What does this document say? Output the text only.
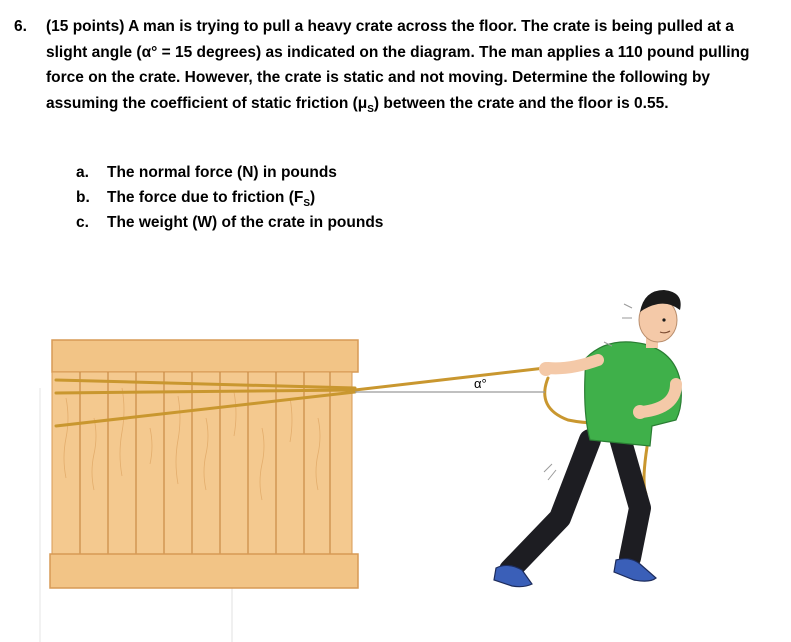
6.	(15 points) A man is trying to pull a heavy crate across the floor. The crate is being pulled at a slight angle (α° = 15 degrees) as indicated on the diagram. The man applies a 110 pound pulling force on the crate. However, the crate is static and not moving. Determine the following by assuming the coefficient of static friction $(\mu_S)$ between the crate and the floor is 0.55.
a.	The normal force (N) in pounds
b.	The force due to friction $(F_S)$
c.	The weight (W) of the crate in pounds
α°
